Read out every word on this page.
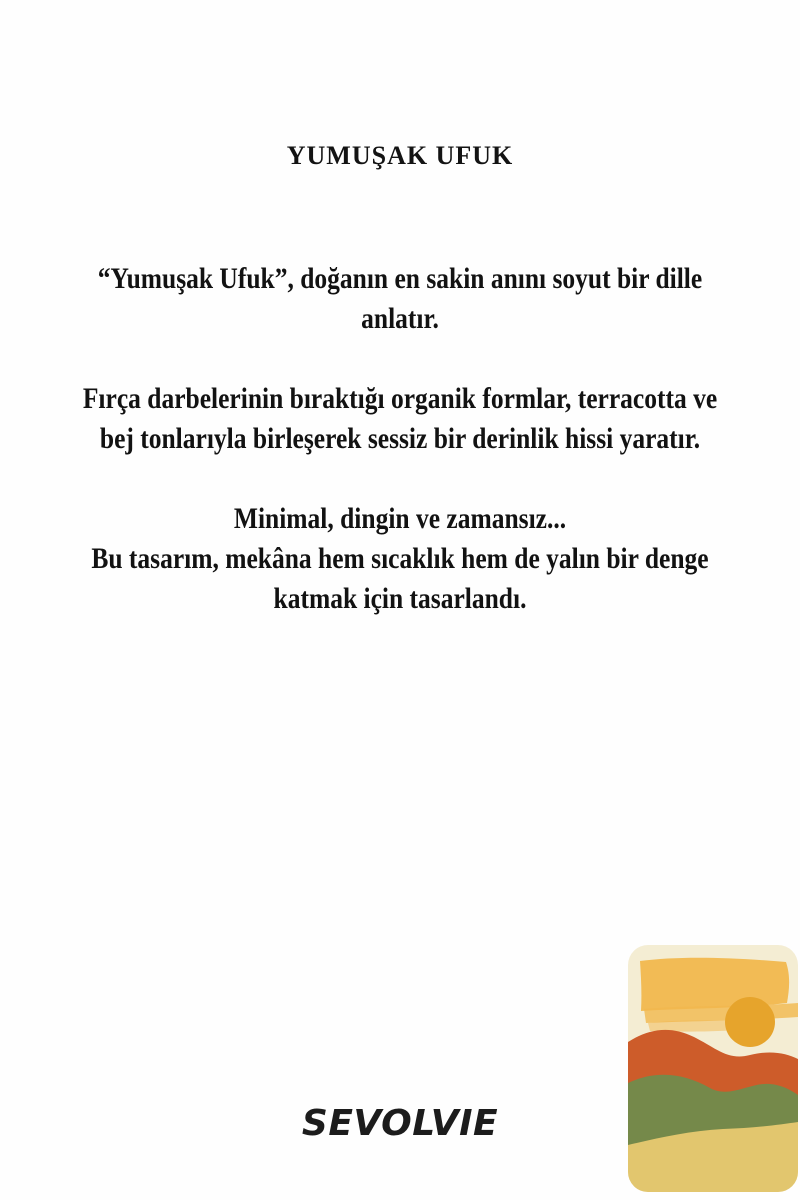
YUMUŞAK UFUK

“Yumuşak Ufuk”, doğanın en sakin anını soyut bir dille
anlatır.

Fırça darbelerinin bıraktığı organik formlar, terracotta ve
bej tonlarıyla birleşerek sessiz bir derinlik hissi yaratır.

Minimal, dingin ve zamansız...
Bu tasarım, mekâna hem sıcaklık hem de yalın bir denge
katmak için tasarlandı.

SEVOLVIE
